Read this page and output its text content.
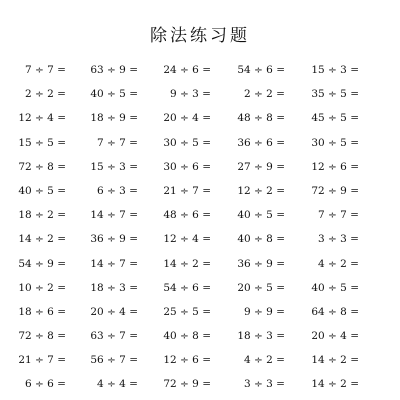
除法练习题
7 ÷ 7 =	63 ÷ 9 =	24 ÷ 6 =	54 ÷ 6 =	15 ÷ 3 =
2 ÷ 2 =	40 ÷ 5 =	9 ÷ 3 =	2 ÷ 2 =	35 ÷ 5 =
12 ÷ 4 =	18 ÷ 9 =	20 ÷ 4 =	48 ÷ 8 =	45 ÷ 5 =
15 ÷ 5 =	7 ÷ 7 =	30 ÷ 5 =	36 ÷ 6 =	30 ÷ 5 =
72 ÷ 8 =	15 ÷ 3 =	30 ÷ 6 =	27 ÷ 9 =	12 ÷ 6 =
40 ÷ 5 =	6 ÷ 3 =	21 ÷ 7 =	12 ÷ 2 =	72 ÷ 9 =
18 ÷ 2 =	14 ÷ 7 =	48 ÷ 6 =	40 ÷ 5 =	7 ÷ 7 =
14 ÷ 2 =	36 ÷ 9 =	12 ÷ 4 =	40 ÷ 8 =	3 ÷ 3 =
54 ÷ 9 =	14 ÷ 7 =	14 ÷ 2 =	36 ÷ 9 =	4 ÷ 2 =
10 ÷ 2 =	18 ÷ 3 =	54 ÷ 6 =	20 ÷ 5 =	40 ÷ 5 =
18 ÷ 6 =	20 ÷ 4 =	25 ÷ 5 =	9 ÷ 9 =	64 ÷ 8 =
72 ÷ 8 =	63 ÷ 7 =	40 ÷ 8 =	18 ÷ 3 =	20 ÷ 4 =
21 ÷ 7 =	56 ÷ 7 =	12 ÷ 6 =	4 ÷ 2 =	14 ÷ 2 =
6 ÷ 6 =	4 ÷ 4 =	72 ÷ 9 =	3 ÷ 3 =	14 ÷ 2 =
